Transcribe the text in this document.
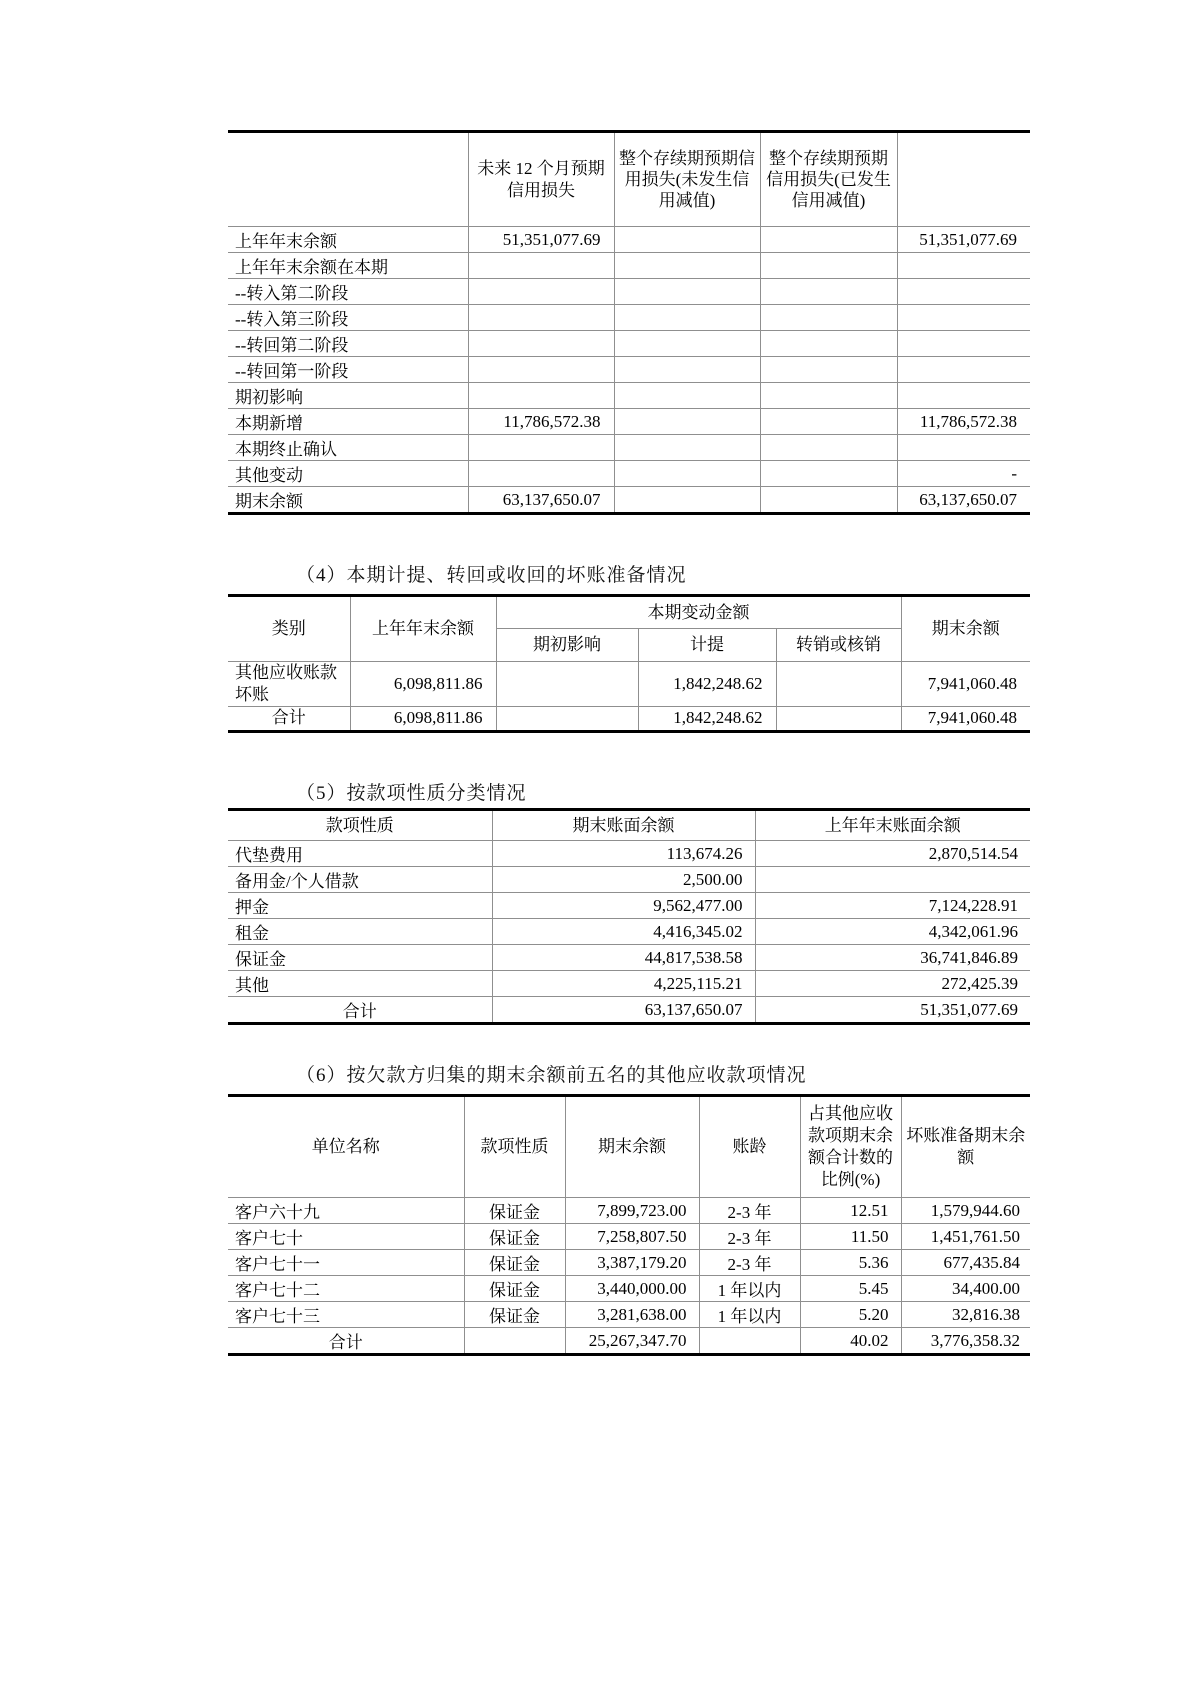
	未来 12 个月预期信用损失	整个存续期预期信用损失(未发生信用减值)	整个存续期预期信用损失(已发生信用减值)	
上年年末余额	51,351,077.69			51,351,077.69
上年年末余额在本期				
--转入第二阶段				
--转入第三阶段				
--转回第二阶段				
--转回第一阶段				
期初影响				
本期新增	11,786,572.38			11,786,572.38
本期终止确认				
其他变动				-
期末余额	63,137,650.07			63,137,650.07
（4）本期计提、转回或收回的坏账准备情况
类别	上年年末余额	本期变动金额			期末余额
		期初影响	计提	转销或核销	
其他应收账款坏账	6,098,811.86		1,842,248.62		7,941,060.48
合计	6,098,811.86		1,842,248.62		7,941,060.48
（5）按款项性质分类情况
款项性质	期末账面余额	上年年末账面余额
代垫费用	113,674.26	2,870,514.54
备用金/个人借款	2,500.00	
押金	9,562,477.00	7,124,228.91
租金	4,416,345.02	4,342,061.96
保证金	44,817,538.58	36,741,846.89
其他	4,225,115.21	272,425.39
合计	63,137,650.07	51,351,077.69
（6）按欠款方归集的期末余额前五名的其他应收款项情况
单位名称	款项性质	期末余额	账龄	占其他应收款项期末余额合计数的比例(%)	坏账准备期末余额
客户六十九	保证金	7,899,723.00	2-3 年	12.51	1,579,944.60
客户七十	保证金	7,258,807.50	2-3 年	11.50	1,451,761.50
客户七十一	保证金	3,387,179.20	2-3 年	5.36	677,435.84
客户七十二	保证金	3,440,000.00	1 年以内	5.45	34,400.00
客户七十三	保证金	3,281,638.00	1 年以内	5.20	32,816.38
合计		25,267,347.70		40.02	3,776,358.32
